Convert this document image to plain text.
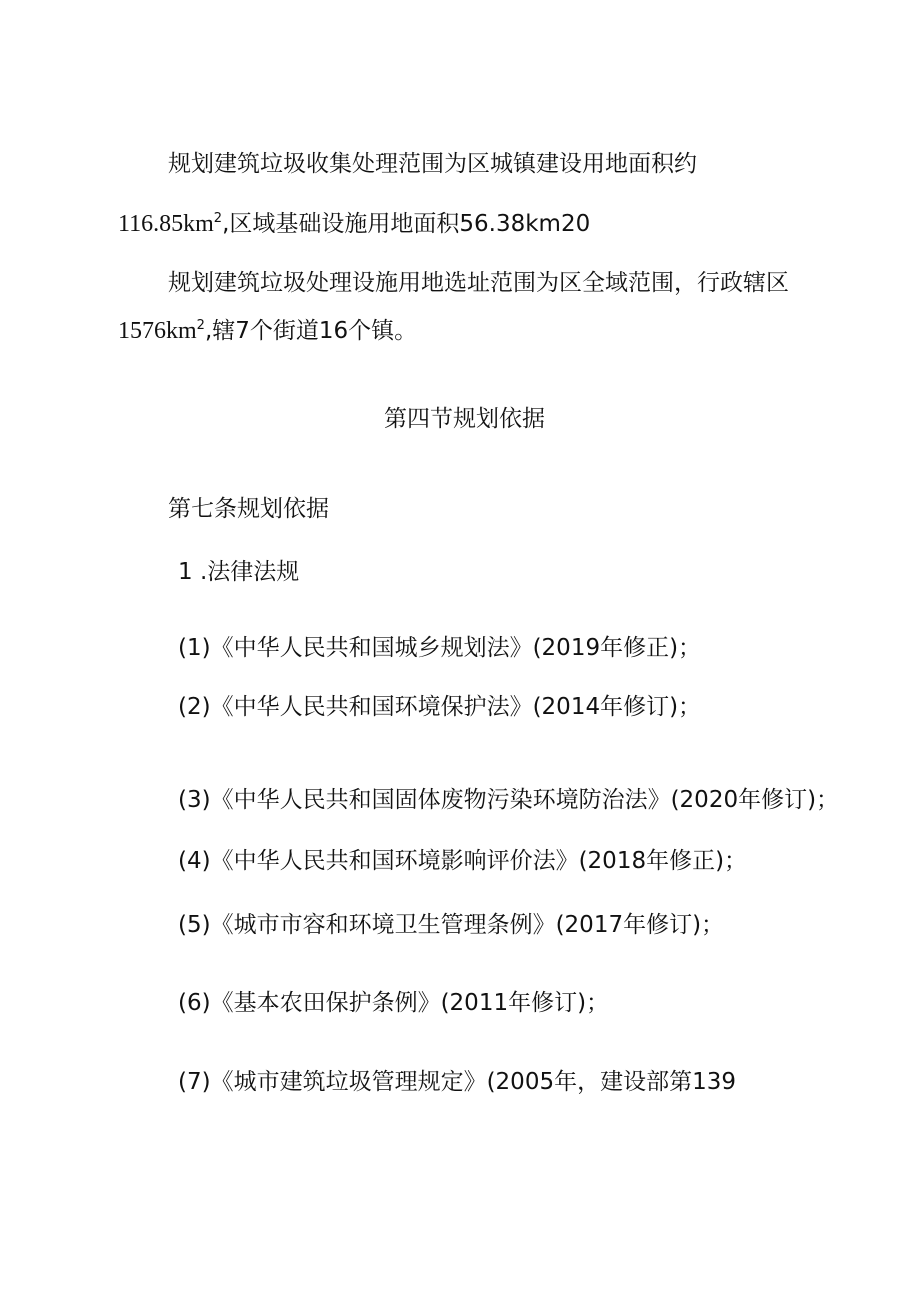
规划建筑垃圾收集处理范围为区城镇建设用地面积约
$116.85km^2$,区域基础设施用地面积56.38km20
规划建筑垃圾处理设施用地选址范围为区全域范围，行政辖区
$1576km^2$,辖7个街道16个镇。
第四节规划依据
第七条规划依据
1 .法律法规
(1)《中华人民共和国城乡规划法》(2019年修正)；
(2)《中华人民共和国环境保护法》(2014年修订)；
(3)《中华人民共和国固体废物污染环境防治法》(2020年修订)；
(4)《中华人民共和国环境影响评价法》(2018年修正)；
(5)《城市市容和环境卫生管理条例》(2017年修订)；
(6)《基本农田保护条例》(2011年修订)；
(7)《城市建筑垃圾管理规定》(2005年，建设部第139
